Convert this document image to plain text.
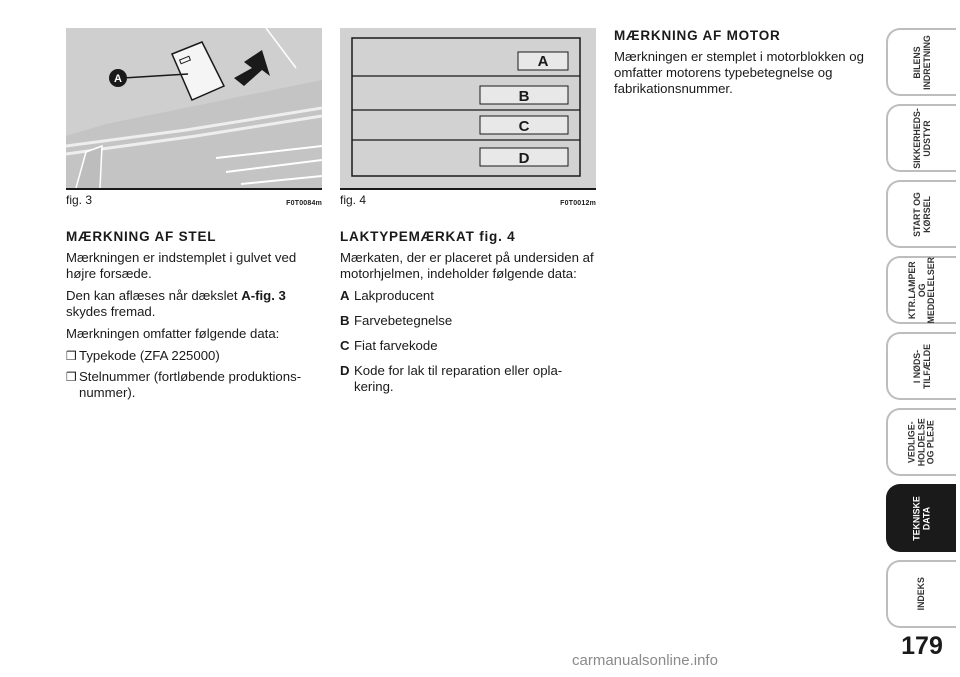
A
fig. 3	F0T0084m
MÆRKNING AF STEL

Mærkningen er indstemplet i gulvet ved højre forsæde.

Den kan aflæses når dækslet A-fig. 3 skydes fremad.

Mærkningen omfatter følgende data:

❒ Typekode (ZFA 225000)
❒ Stelnummer (fortløbende produktionsnummer).
A
B
C
D
fig. 4	F0T0012m
LAKTYPEMÆRKAT fig. 4

Mærkaten, der er placeret på undersiden af motorhjelmen, indeholder følgende data:

A Lakproducent
B Farvebetegnelse
C Fiat farvekode
D Kode for lak til reparation eller oplakering.
MÆRKNING AF MOTOR

Mærkningen er stemplet i motorblokken og omfatter motorens typebetegnelse og fabrikationsnummer.

BILENS
INDRETNING
SIKKERHEDS-
UDSTYR
START OG
KØRSEL
KTR.LAMPER
OG
MEDDELELSER
I NØDS-
TILFÆLDE
VEDLIGE-
HOLDELSE
OG PLEJE
TEKNISKE
DATA
INDEKS
179
carmanualsonline.info
